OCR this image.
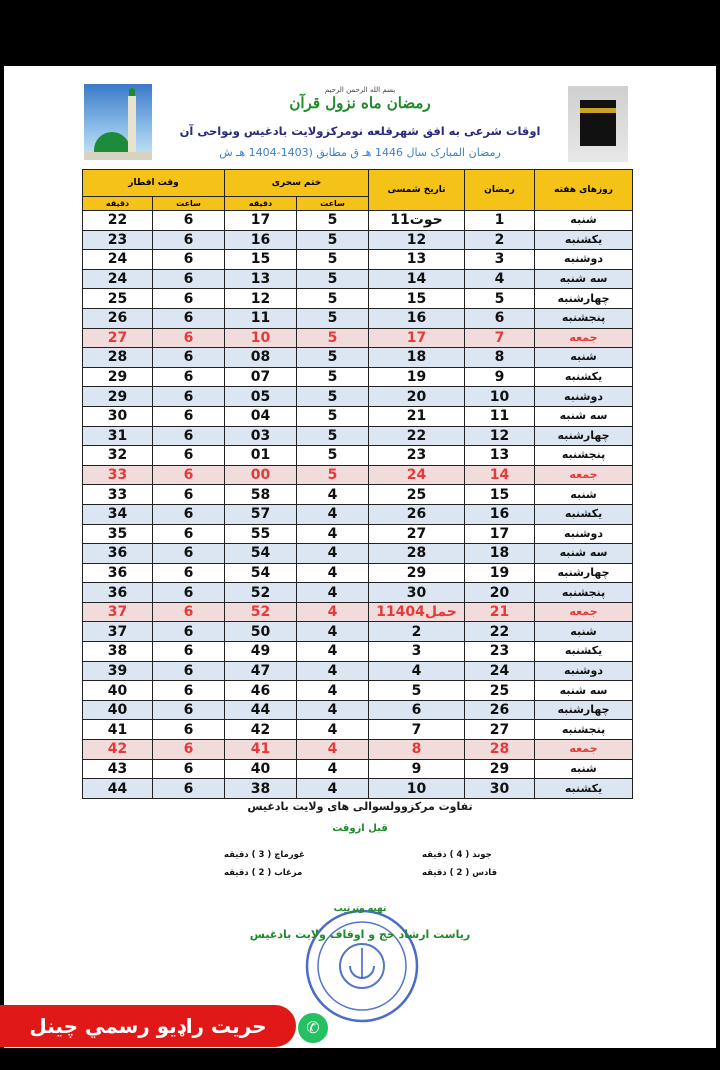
بسم الله الرحمن الرحیم
رمضان ماه نزول قرآن
اوقات شرعی به افق شهرقلعه نومرکزولایت بادغیس ونواحی آن
رمضان المبارک سال 1446 هـ ق مطابق (1403-1404 هـ ش
وقت افطار		ختم سحری		تاریخ شمسی	رمضان	روزهای هفته
دقیقه	ساعت	دقیقه	ساعت			
22	6	17	5	11حوت	1	شنبه
23	6	16	5	12	2	یکشنبه
24	6	15	5	13	3	دوشنبه
24	6	13	5	14	4	سه شنبه
25	6	12	5	15	5	چهارشنبه
26	6	11	5	16	6	پنجشنبه
27	6	10	5	17	7	جمعه
28	6	08	5	18	8	شنبه
29	6	07	5	19	9	یکشنبه
29	6	05	5	20	10	دوشنبه
30	6	04	5	21	11	سه شنبه
31	6	03	5	22	12	چهارشنبه
32	6	01	5	23	13	پنجشنبه
33	6	00	5	24	14	جمعه
33	6	58	4	25	15	شنبه
34	6	57	4	26	16	یکشنبه
35	6	55	4	27	17	دوشنبه
36	6	54	4	28	18	سه شنبه
36	6	54	4	29	19	چهارشنبه
36	6	52	4	30	20	پنجشنبه
37	6	52	4	1حمل1404	21	جمعه
37	6	50	4	2	22	شنبه
38	6	49	4	3	23	یکشنبه
39	6	47	4	4	24	دوشنبه
40	6	46	4	5	25	سه شنبه
40	6	44	4	6	26	چهارشنبه
41	6	42	4	7	27	پنجشنبه
42	6	41	4	8	28	جمعه
43	6	40	4	9	29	شنبه
44	6	38	4	10	30	یکشنبه
تفاوت مرکزوولسوالی های ولایت بادغیس
قبل ازوقت
جوند ( 4 ) دقیقه
غورماچ ( 3 ) دقیقه
قادس ( 2 ) دقیقه
مرغاب ( 2 ) دقیقه
تهیه وترتیب
ریاست ارشاد حج و اوقاف ولایت بادغیس
حريت راډيو رسمي چينل	✆
